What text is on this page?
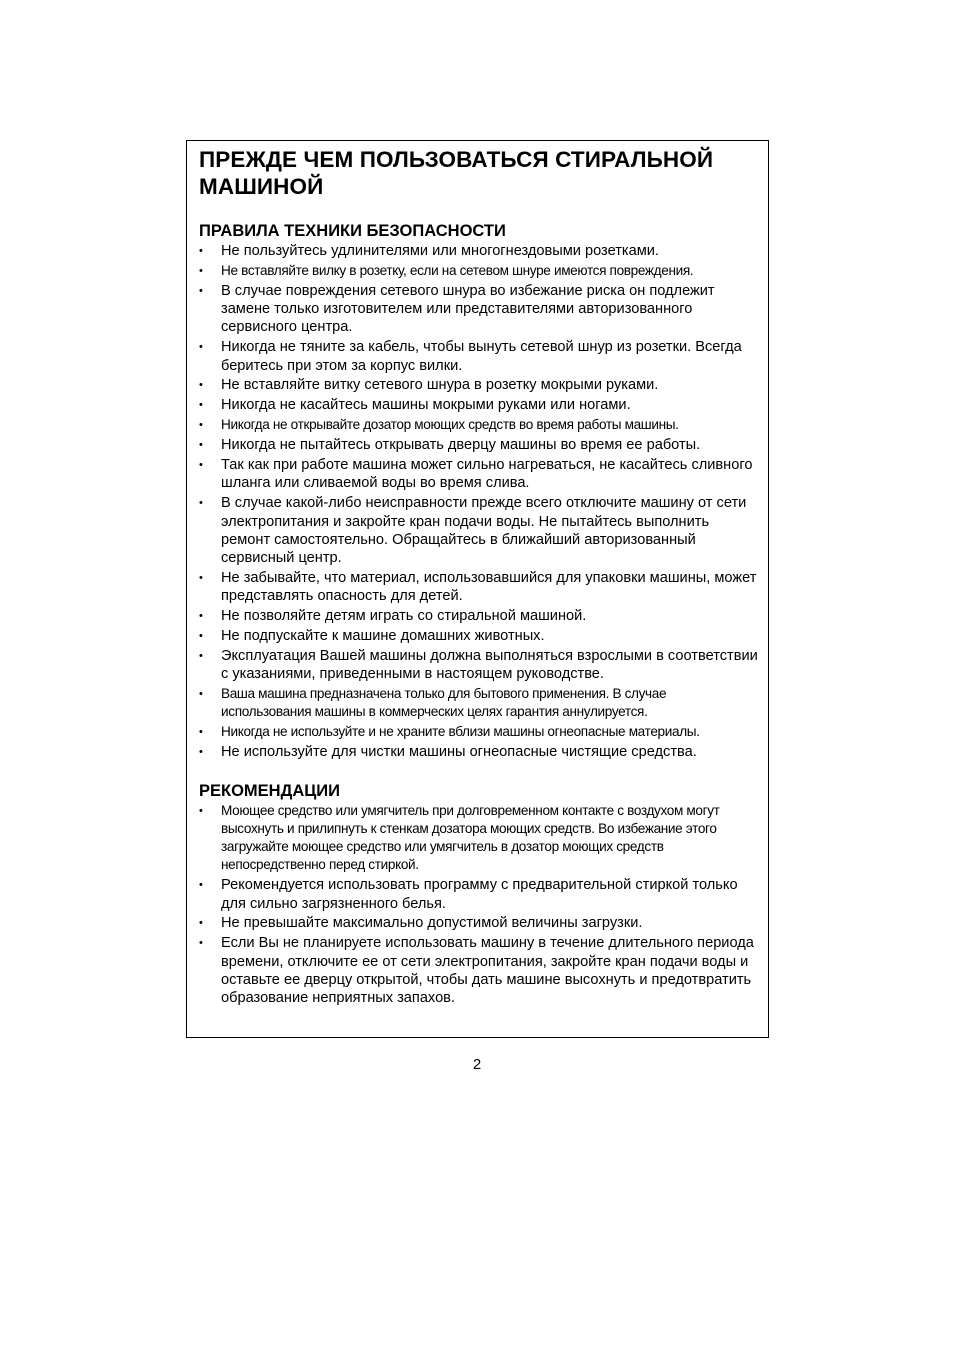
ПРЕЖДЕ ЧЕМ ПОЛЬЗОВАТЬСЯ СТИРАЛЬНОЙ МАШИНОЙ
ПРАВИЛА ТЕХНИКИ БЕЗОПАСНОСТИ
•	Не пользуйтесь удлинителями или многогнездовыми розетками.
•	Не вставляйте вилку в розетку, если на сетевом шнуре имеются повреждения.
•	В случае повреждения сетевого шнура во избежание риска он подлежит замене только изготовителем или представителями авторизованного сервисного центра.
•	Никогда не тяните за кабель, чтобы вынуть сетевой шнур из розетки. Всегда беритесь при этом за корпус вилки.
•	Не вставляйте витку сетевого шнура в розетку мокрыми руками.
•	Никогда не касайтесь машины мокрыми руками или ногами.
•	Никогда не открывайте дозатор моющих средств во время работы машины.
•	Никогда не пытайтесь открывать дверцу машины во время ее работы.
•	Так как при работе машина может сильно нагреваться, не касайтесь сливного шланга или сливаемой воды во время слива.
•	В случае какой-либо неисправности прежде всего отключите машину от сети электропитания и закройте кран подачи воды. Не пытайтесь выполнить ремонт самостоятельно. Обращайтесь в ближайший авторизованный сервисный центр.
•	Не забывайте, что материал, использовавшийся для упаковки машины, может представлять опасность для детей.
•	Не позволяйте детям играть со стиральной машиной.
•	Не подпускайте к машине домашних животных.
•	Эксплуатация Вашей машины должна выполняться взрослыми в соответствии с указаниями, приведенными в настоящем руководстве.
•	Ваша машина предназначена только для бытового применения. В случае использования машины в коммерческих целях гарантия аннулируется.
•	Никогда не используйте и не храните вблизи машины огнеопасные материалы.
•	Не используйте для чистки машины огнеопасные чистящие средства.
РЕКОМЕНДАЦИИ
•	Моющее средство или умягчитель при долговременном контакте с воздухом могут высохнуть и прилипнуть к стенкам дозатора моющих средств. Во избежание этого загружайте моющее средство или умягчитель в дозатор моющих средств непосредственно перед стиркой.
•	Рекомендуется использовать программу с предварительной стиркой только для сильно загрязненного белья.
•	Не превышайте максимально допустимой величины загрузки.
•	Если Вы не планируете использовать машину в течение длительного периода времени, отключите ее от сети электропитания, закройте кран подачи воды и оставьте ее дверцу открытой, чтобы дать машине высохнуть и предотвратить образование неприятных запахов.
2
